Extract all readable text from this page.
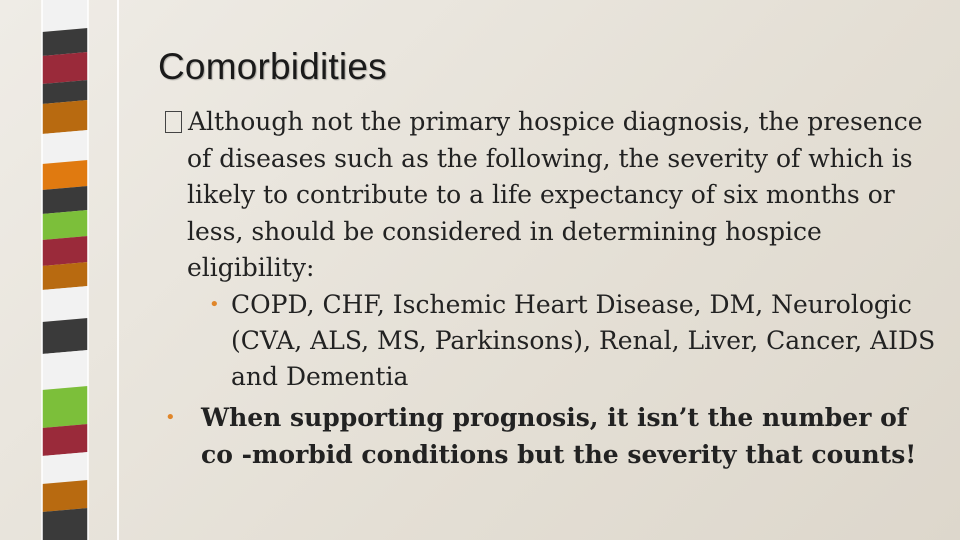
Comorbidities
Although not the primary hospice diagnosis, the presence of diseases such as the following, the severity of which is likely to contribute to a life expectancy of six months or less, should be considered in determining hospice eligibility:
• COPD, CHF, Ischemic Heart Disease, DM, Neurologic (CVA, ALS, MS, Parkinsons), Renal, Liver, Cancer, AIDS and Dementia
• When supporting prognosis, it isn’t the number of co -morbid conditions but the severity that counts!
